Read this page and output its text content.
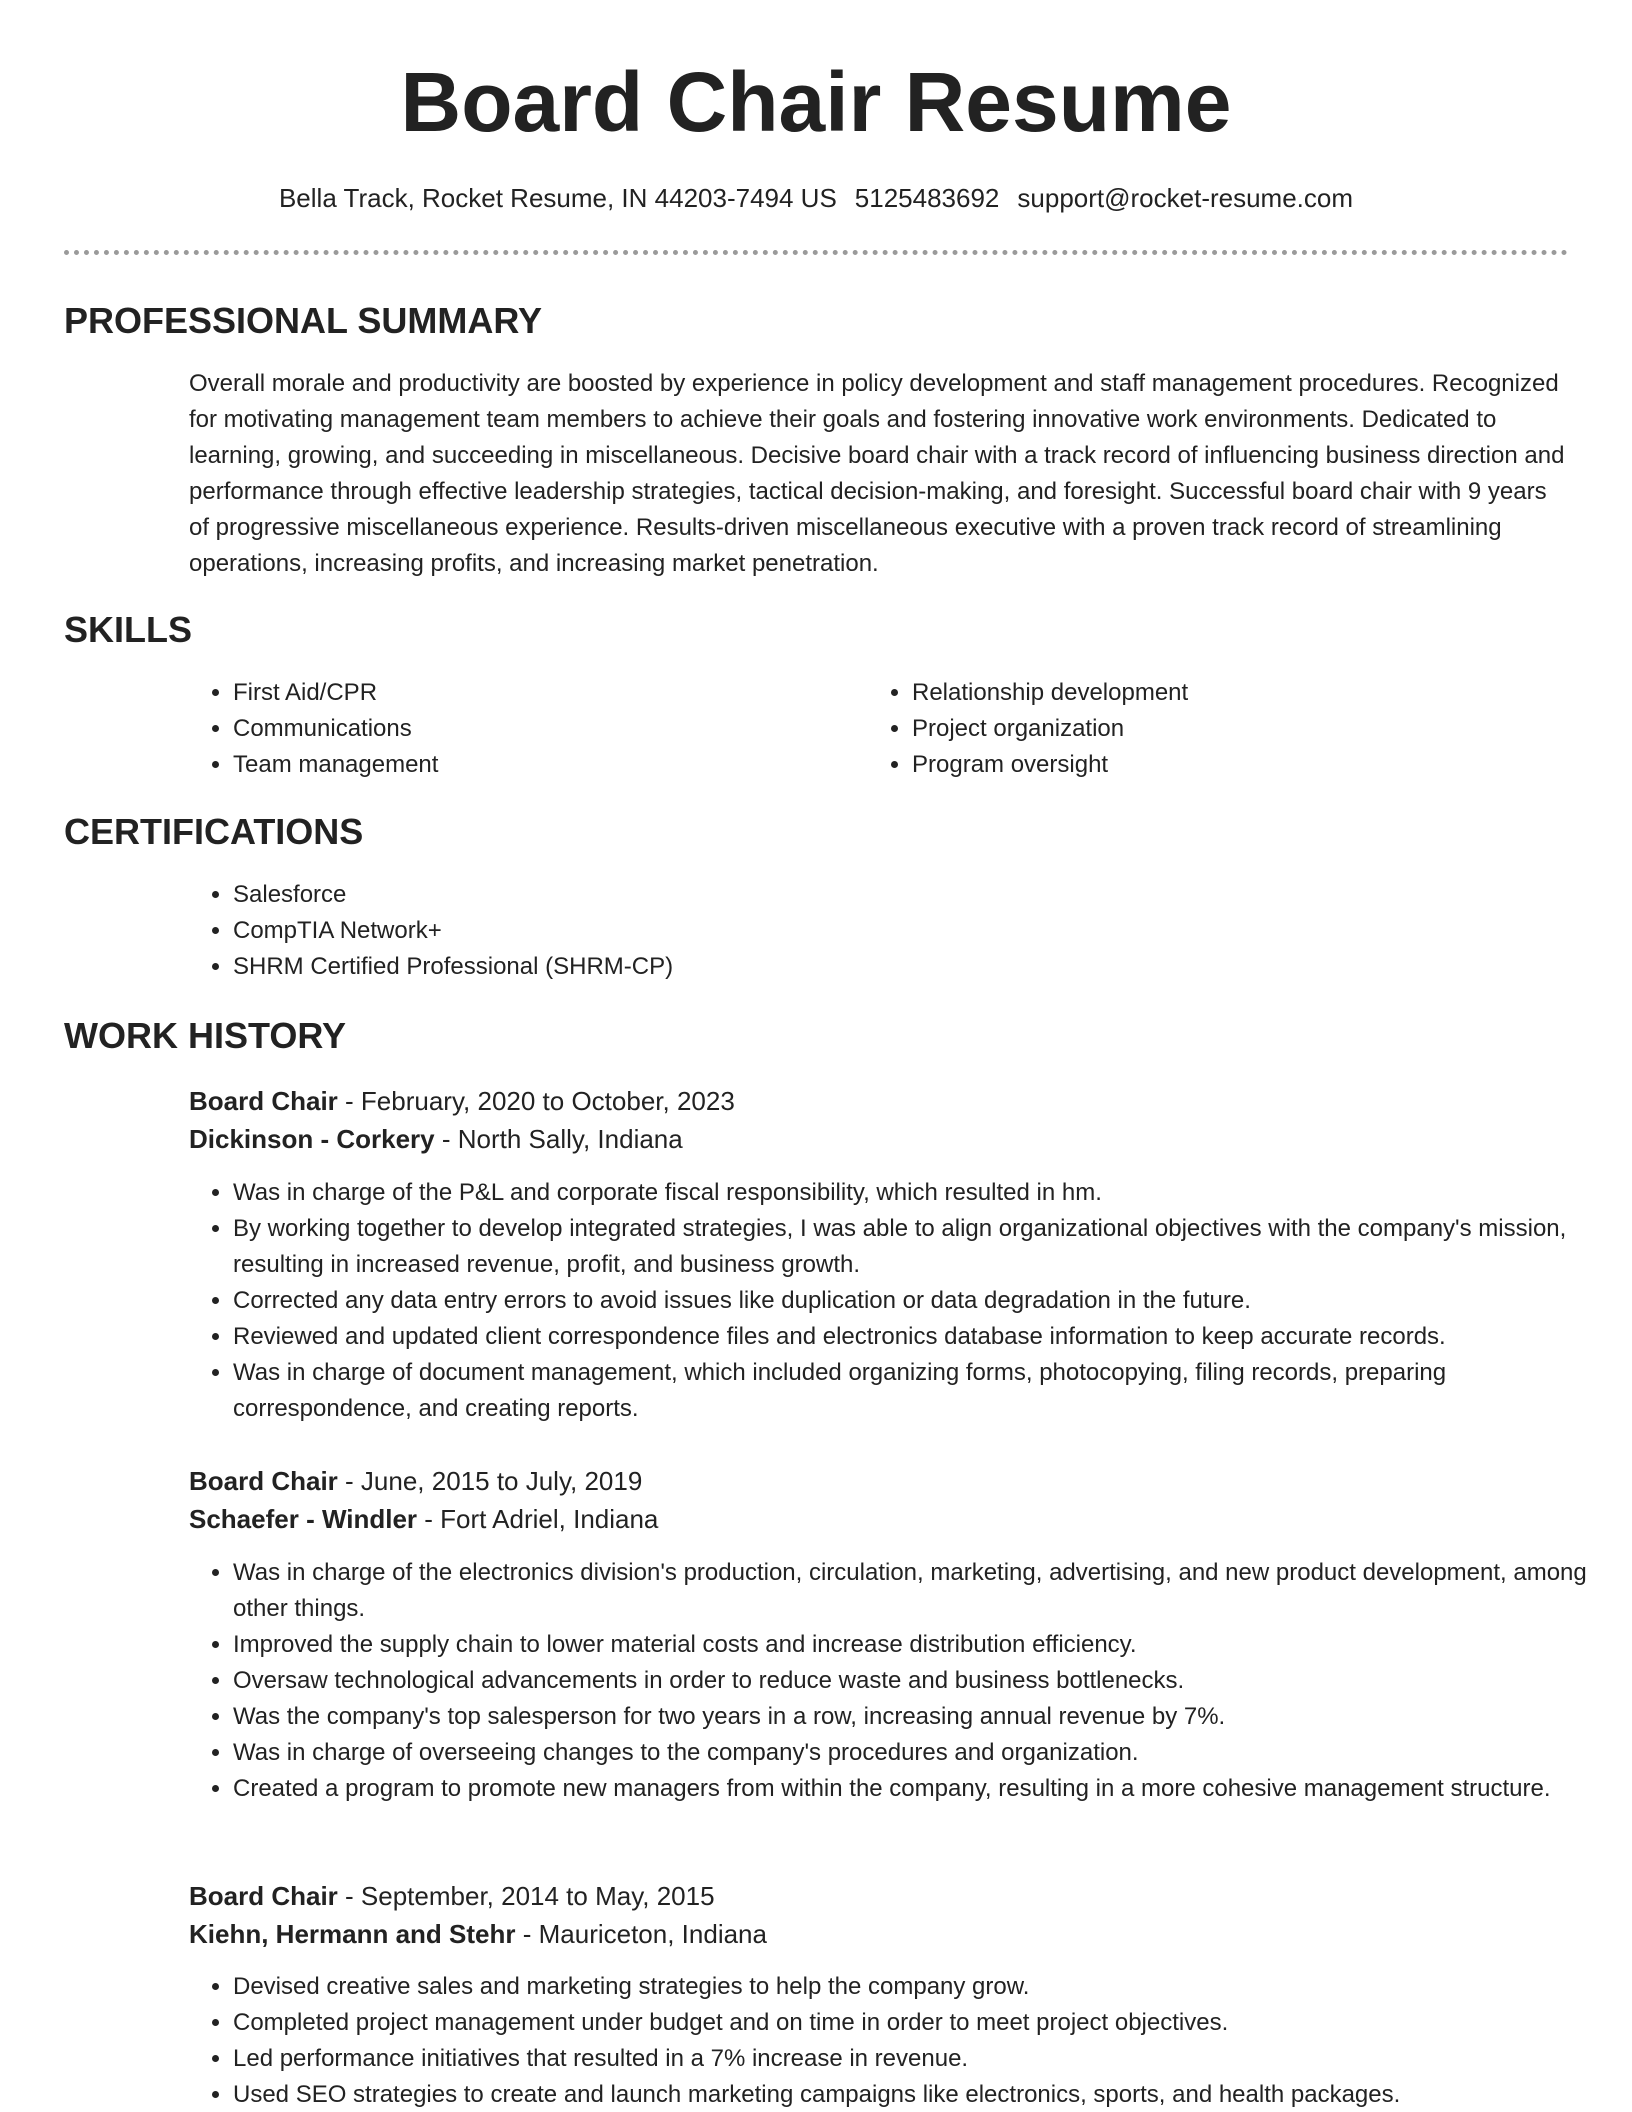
Board Chair Resume
Bella Track, Rocket Resume, IN 44203-7494 US 5125483692 support@rocket-resume.com
PROFESSIONAL SUMMARY

Overall morale and productivity are boosted by experience in policy development and staff management procedures. Recognized for motivating management team members to achieve their goals and fostering innovative work environments. Dedicated to learning, growing, and succeeding in miscellaneous. Decisive board chair with a track record of influencing business direction and performance through effective leadership strategies, tactical decision-making, and foresight. Successful board chair with 9 years of progressive miscellaneous experience. Results-driven miscellaneous executive with a proven track record of streamlining operations, increasing profits, and increasing market penetration.

SKILLS
• First Aid/CPR
• Communications
• Team management
• Relationship development
• Project organization
• Program oversight
CERTIFICATIONS
• Salesforce
• CompTIA Network+
• SHRM Certified Professional (SHRM-CP)
WORK HISTORY
Board Chair - February, 2020 to October, 2023
Dickinson - Corkery - North Sally, Indiana
• Was in charge of the P&L and corporate fiscal responsibility, which resulted in hm.
• By working together to develop integrated strategies, I was able to align organizational objectives with the company's mission, resulting in increased revenue, profit, and business growth.
• Corrected any data entry errors to avoid issues like duplication or data degradation in the future.
• Reviewed and updated client correspondence files and electronics database information to keep accurate records.
• Was in charge of document management, which included organizing forms, photocopying, filing records, preparing correspondence, and creating reports.
Board Chair - June, 2015 to July, 2019
Schaefer - Windler - Fort Adriel, Indiana
• Was in charge of the electronics division's production, circulation, marketing, advertising, and new product development, among other things.
• Improved the supply chain to lower material costs and increase distribution efficiency.
• Oversaw technological advancements in order to reduce waste and business bottlenecks.
• Was the company's top salesperson for two years in a row, increasing annual revenue by 7%.
• Was in charge of overseeing changes to the company's procedures and organization.
• Created a program to promote new managers from within the company, resulting in a more cohesive management structure.
Board Chair - September, 2014 to May, 2015
Kiehn, Hermann and Stehr - Mauriceton, Indiana
• Devised creative sales and marketing strategies to help the company grow.
• Completed project management under budget and on time in order to meet project objectives.
• Led performance initiatives that resulted in a 7% increase in revenue.
• Used SEO strategies to create and launch marketing campaigns like electronics, sports, and health packages.
